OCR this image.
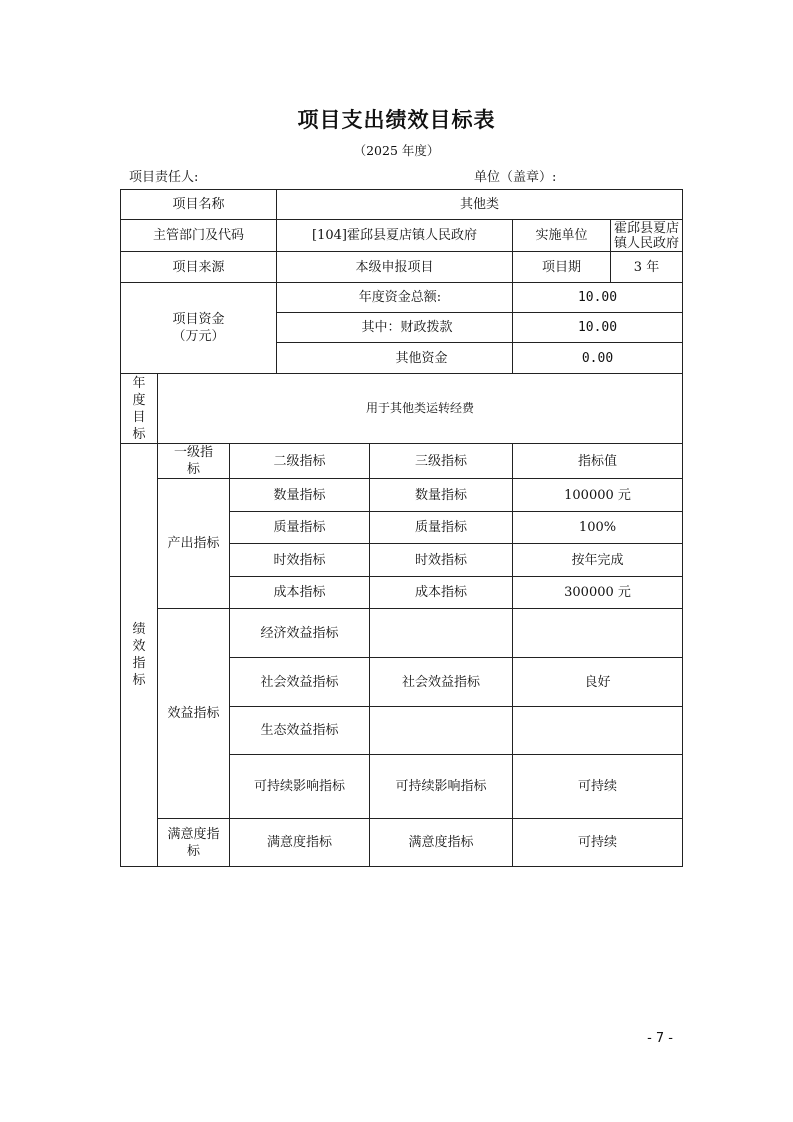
项目支出绩效目标表
（2025 年度）
项目责任人:	单位（盖章）:
项目名称			其他类			
主管部门及代码			[104]霍邱县夏店镇人民政府		实施单位	霍邱县夏店镇人民政府
项目来源			本级申报项目		项目期	3 年

项目资金
（万元）			年度资金总额:		10.00	
			其中：财政拨款		10.00	
			其他资金		0.00	

年
度
目
标	用于其他类运转经费					

绩
效
指
标	一级指标	二级指标		三级指标	指标值	
	产出指标	数量指标		数量指标	100000 元	
		质量指标		质量指标	100%	
		时效指标		时效指标	按年完成	
		成本指标		成本指标	300000 元	
	效益指标	经济效益指标				
		社会效益指标		社会效益指标	良好	
		生态效益指标				
		可持续影响指标		可持续影响指标	可持续	
	满意度指标	满意度指标		满意度指标	可持续	
- 7 -
